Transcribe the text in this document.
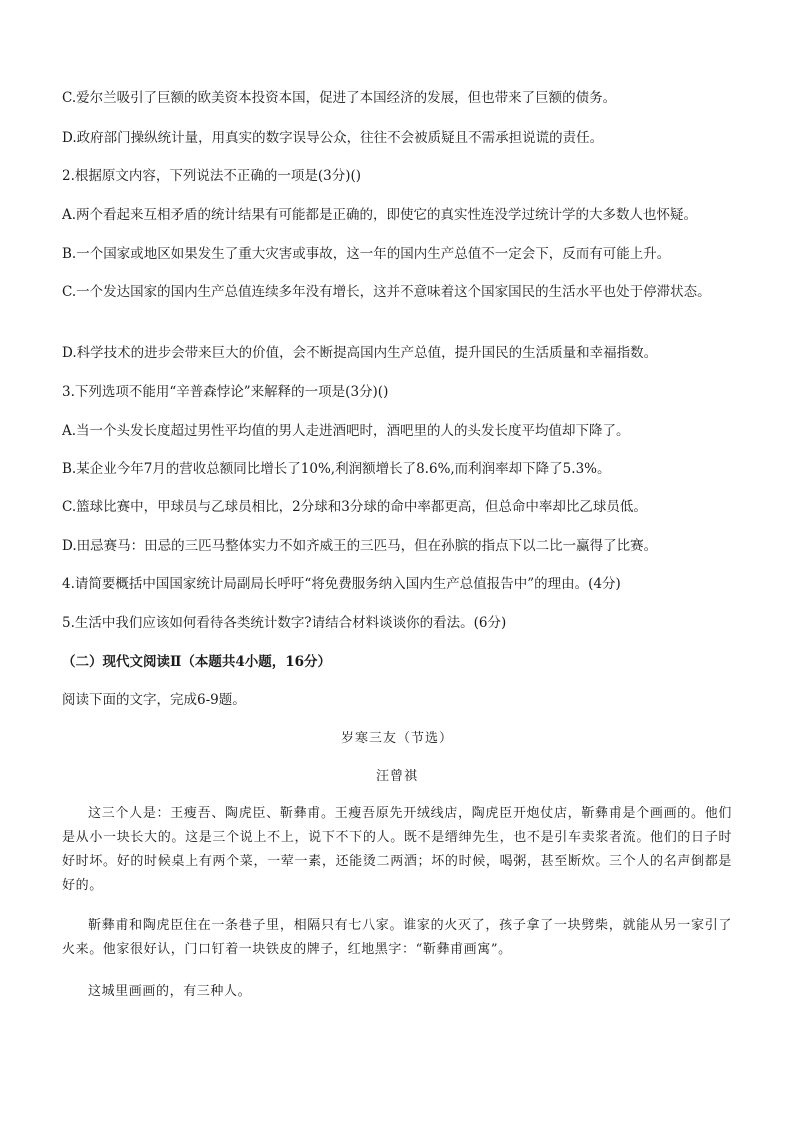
C.爱尔兰吸引了巨额的欧美资本投资本国，促进了本国经济的发展，但也带来了巨额的债务。
D.政府部门操纵统计量，用真实的数字误导公众，往往不会被质疑且不需承担说谎的责任。
2.根据原文内容，下列说法不正确的一项是(3分)()
A.两个看起来互相矛盾的统计结果有可能都是正确的，即使它的真实性连没学过统计学的大多数人也怀疑。
B.一个国家或地区如果发生了重大灾害或事故，这一年的国内生产总值不一定会下，反而有可能上升。
C.一个发达国家的国内生产总值连续多年没有增长，这并不意味着这个国家国民的生活水平也处于停滞状态。
D.科学技术的进步会带来巨大的价值，会不断提高国内生产总值，提升国民的生活质量和幸福指数。
3.下列选项不能用“辛普森悖论”来解释的一项是(3分)()
A.当一个头发长度超过男性平均值的男人走进酒吧时，酒吧里的人的头发长度平均值却下降了。
B.某企业今年7月的营收总额同比增长了10%,利润额增长了8.6%,而利润率却下降了5.3%。
C.篮球比赛中，甲球员与乙球员相比，2分球和3分球的命中率都更高，但总命中率却比乙球员低。
D.田忌赛马：田忌的三匹马整体实力不如齐威王的三匹马，但在孙膑的指点下以二比一赢得了比赛。
4.请简要概括中国国家统计局副局长呼吁“将免费服务纳入国内生产总值报告中”的理由。(4分)
5.生活中我们应该如何看待各类统计数字?请结合材料谈谈你的看法。(6分)
（二）现代文阅读Ⅱ（本题共4小题，16分）
阅读下面的文字，完成6-9题。
岁寒三友（节选）
汪曾祺

这三个人是：王瘦吾、陶虎臣、靳彝甫。王瘦吾原先开绒线店，陶虎臣开炮仗店，靳彝甫是个画画的。他们是从小一块长大的。这是三个说上不上，说下不下的人。既不是缙绅先生，也不是引车卖浆者流。他们的日子时好时坏。好的时候桌上有两个菜，一荤一素，还能烫二两酒；坏的时候，喝粥，甚至断炊。三个人的名声倒都是好的。

靳彝甫和陶虎臣住在一条巷子里，相隔只有七八家。谁家的火灭了，孩子拿了一块劈柴，就能从另一家引了火来。他家很好认，门口钉着一块铁皮的牌子，红地黑字：“靳彝甫画寓”。

这城里画画的，有三种人。
